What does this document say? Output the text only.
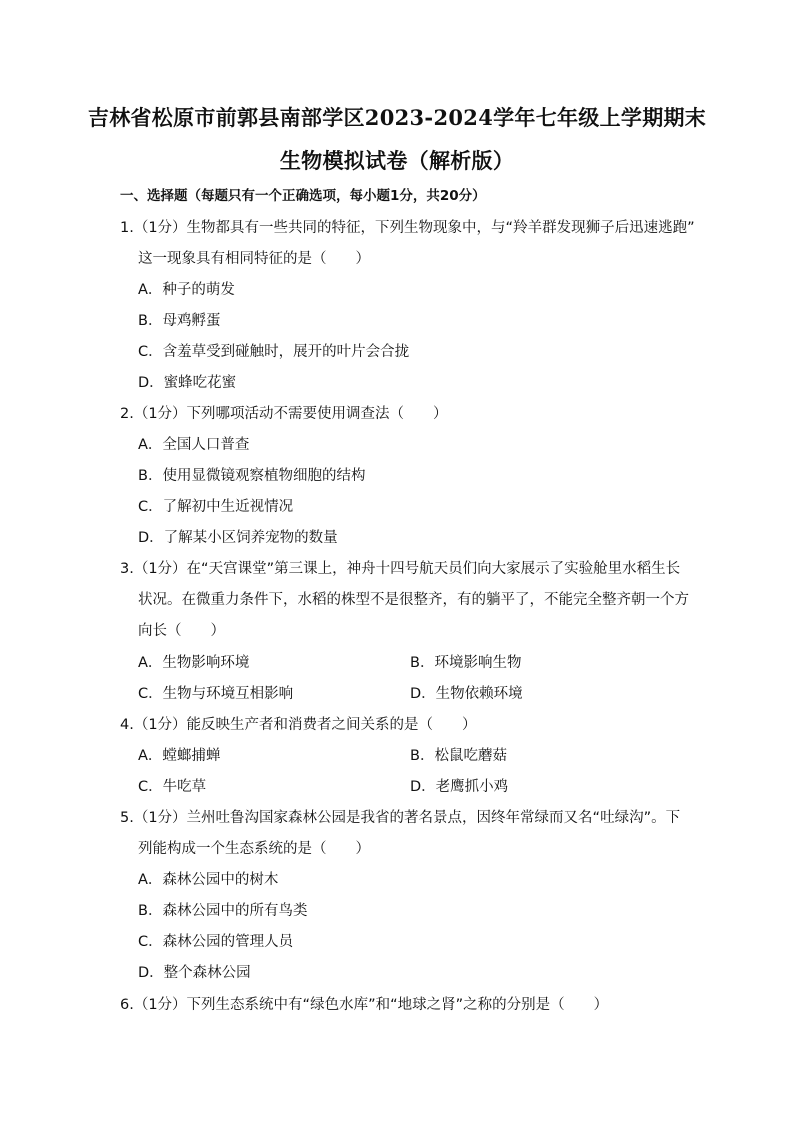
吉林省松原市前郭县南部学区2023-2024学年七年级上学期期末
生物模拟试卷（解析版）
一、选择题（每题只有一个正确选项，每小题1分，共20分）
1.（1分）生物都具有一些共同的特征，下列生物现象中，与“羚羊群发现狮子后迅速逃跑”
这一现象具有相同特征的是（　　）
A．种子的萌发
B．母鸡孵蛋
C．含羞草受到碰触时，展开的叶片会合拢
D．蜜蜂吃花蜜
2.（1分）下列哪项活动不需要使用调查法（　　）
A．全国人口普查
B．使用显微镜观察植物细胞的结构
C．了解初中生近视情况
D．了解某小区饲养宠物的数量
3.（1分）在“天宫课堂”第三课上，神舟十四号航天员们向大家展示了实验舱里水稻生长
状况。在微重力条件下，水稻的株型不是很整齐，有的躺平了，不能完全整齐朝一个方
向长（　　）
A．生物影响环境	B．环境影响生物
C．生物与环境互相影响	D．生物依赖环境
4.（1分）能反映生产者和消费者之间关系的是（　　）
A．螳螂捕蝉	B．松鼠吃蘑菇
C．牛吃草	D．老鹰抓小鸡
5.（1分）兰州吐鲁沟国家森林公园是我省的著名景点，因终年常绿而又名“吐绿沟”。下
列能构成一个生态系统的是（　　）
A．森林公园中的树木
B．森林公园中的所有鸟类
C．森林公园的管理人员
D．整个森林公园
6.（1分）下列生态系统中有“绿色水库”和“地球之肾”之称的分别是（　　）
